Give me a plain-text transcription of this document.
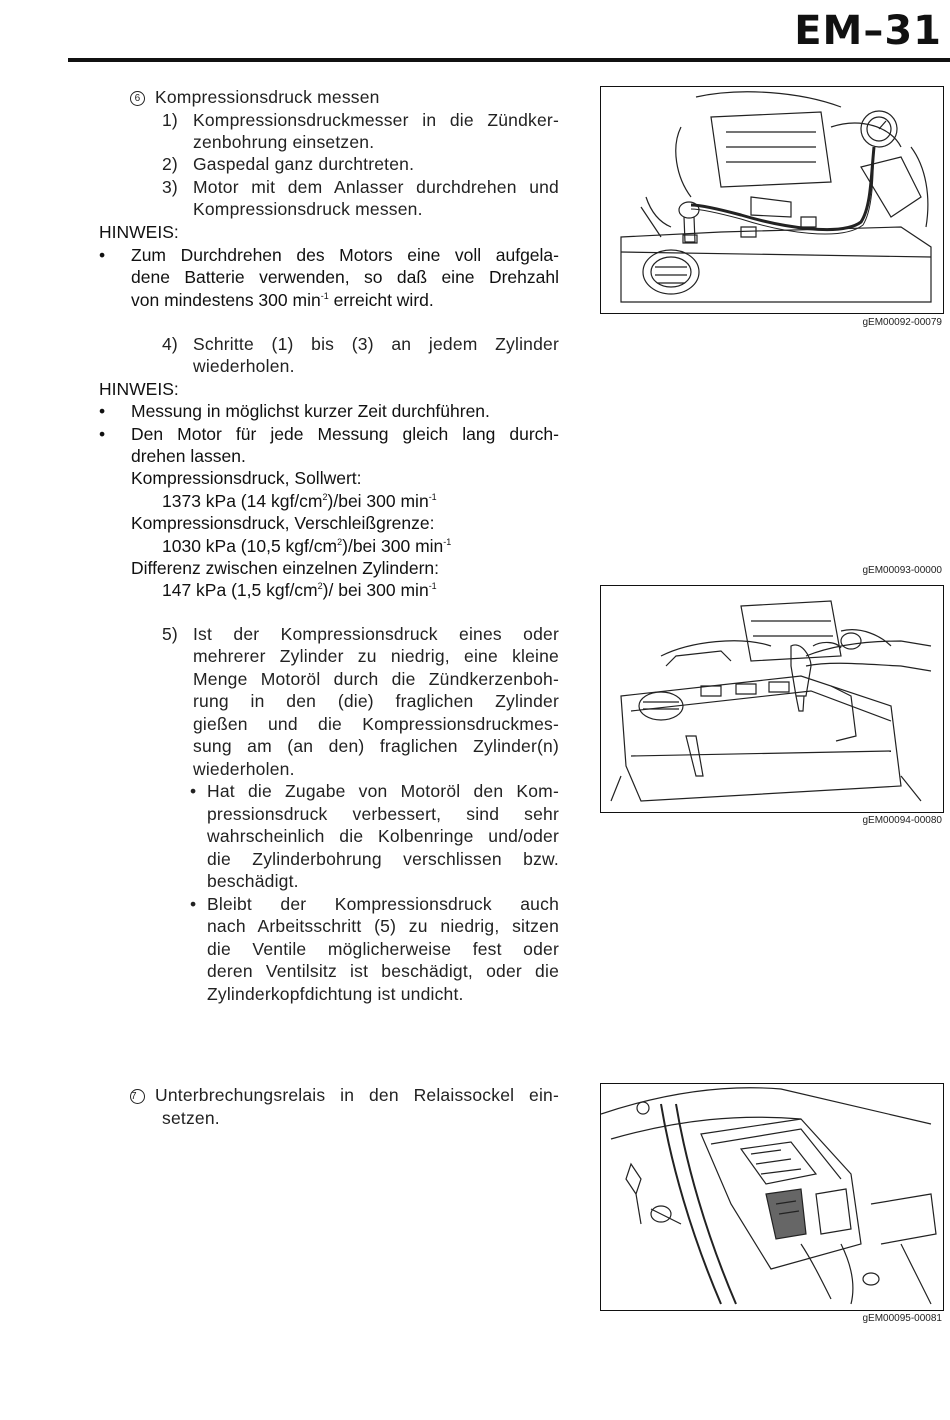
EM–31
6 Kompressionsdruck messen
1) Kompressionsdruckmesser in die Zündker-
zenbohrung einsetzen.
2) Gaspedal ganz durchtreten.
3) Motor mit dem Anlasser durchdrehen und
Kompressionsdruck messen.
HINWEIS:
• Zum Durchdrehen des Motors eine voll aufgela-
dene Batterie verwenden, so daß eine Drehzahl
von mindestens 300 $\min^{-1}$ erreicht wird.
4) Schritte (1) bis (3) an jedem Zylinder
wiederholen.
HINWEIS:
• Messung in möglichst kurzer Zeit durchführen.
• Den Motor für jede Messung gleich lang durch-
drehen lassen.
Kompressionsdruck, Sollwert:
1373 kPa (14 kgf/$cm^2$)/bei 300 $\min^{-1}$
Kompressionsdruck, Verschleißgrenze:
1030 kPa (10,5 kgf/$cm^2$)/bei 300 $\min^{-1}$
Differenz zwischen einzelnen Zylindern:
147 kPa (1,5 kgf/$cm^2)/$ bei 300 $\min^{-1}$
5) Ist der Kompressionsdruck eines oder
mehrerer Zylinder zu niedrig, eine kleine
Menge Motoröl durch die Zündkerzenboh-
rung in den (die) fraglichen Zylinder
gießen und die Kompressionsdruckmes-
sung am (an den) fraglichen Zylinder(n)
wiederholen.
• Hat die Zugabe von Motoröl den Kom-
pressionsdruck verbessert, sind sehr
wahrscheinlich die Kolbenringe und/oder
die Zylinderbohrung verschlissen bzw.
beschädigt.
• Bleibt der Kompressionsdruck auch
nach Arbeitsschritt (5) zu niedrig, sitzen
die Ventile möglicherweise fest oder
deren Ventilsitz ist beschädigt, oder die
Zylinderkopfdichtung ist undicht.
7 Unterbrechungsrelais in den Relaissockel ein-
setzen.
gEM00092-00079
gEM00093-00000
gEM00094-00080
gEM00095-00081
